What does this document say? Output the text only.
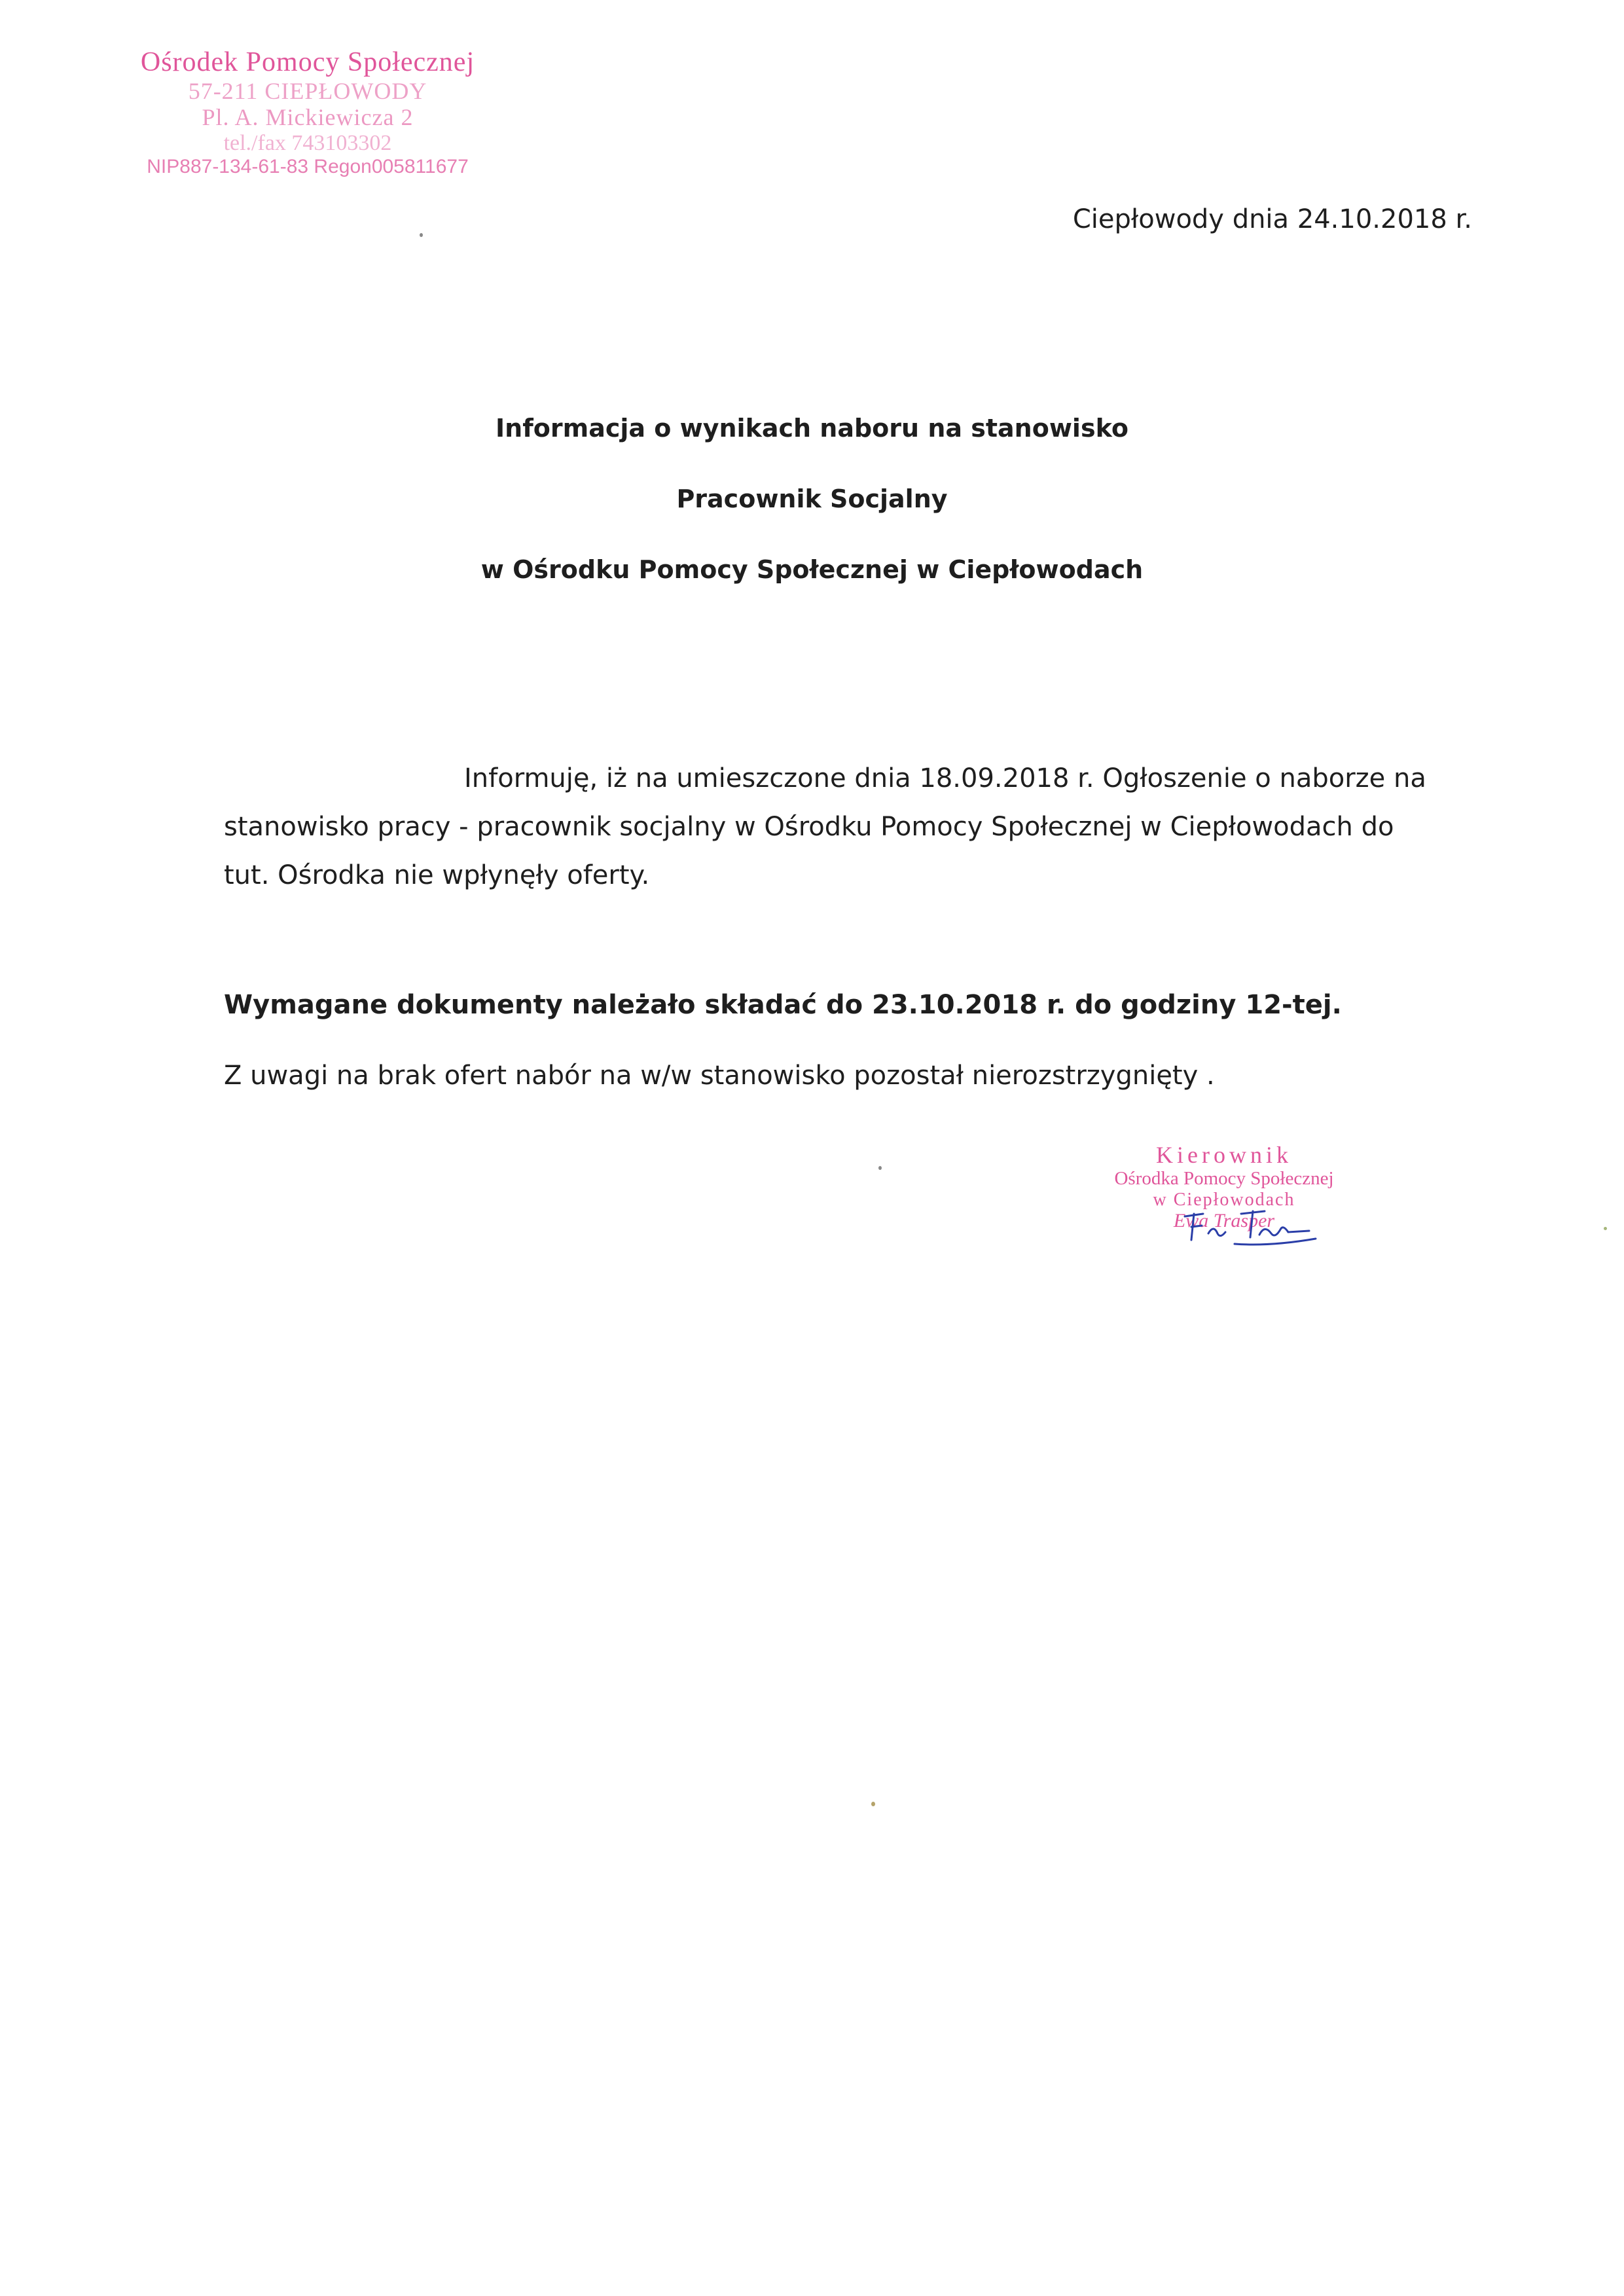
Ośrodek Pomocy Społecznej
57-211 CIEPŁOWODY
Pl. A. Mickiewicza 2
tel./fax 743103302
NIP887-134-61-83 Regon005811677
Ciepłowody dnia 24.10.2018 r.
Informacja o wynikach naboru na stanowisko
Pracownik Socjalny
w Ośrodku Pomocy Społecznej w Ciepłowodach
Informuję, iż na umieszczone dnia 18.09.2018 r. Ogłoszenie o naborze na stanowisko pracy - pracownik socjalny w Ośrodku Pomocy Społecznej w Ciepłowodach do tut. Ośrodka nie wpłynęły oferty.
Wymagane dokumenty należało składać do 23.10.2018 r. do godziny 12-tej.
Z uwagi na brak ofert nabór na w/w stanowisko pozostał nierozstrzygnięty .
Kierownik
Ośrodka Pomocy Społecznej
w Ciepłowodach
Ewa Trasper
